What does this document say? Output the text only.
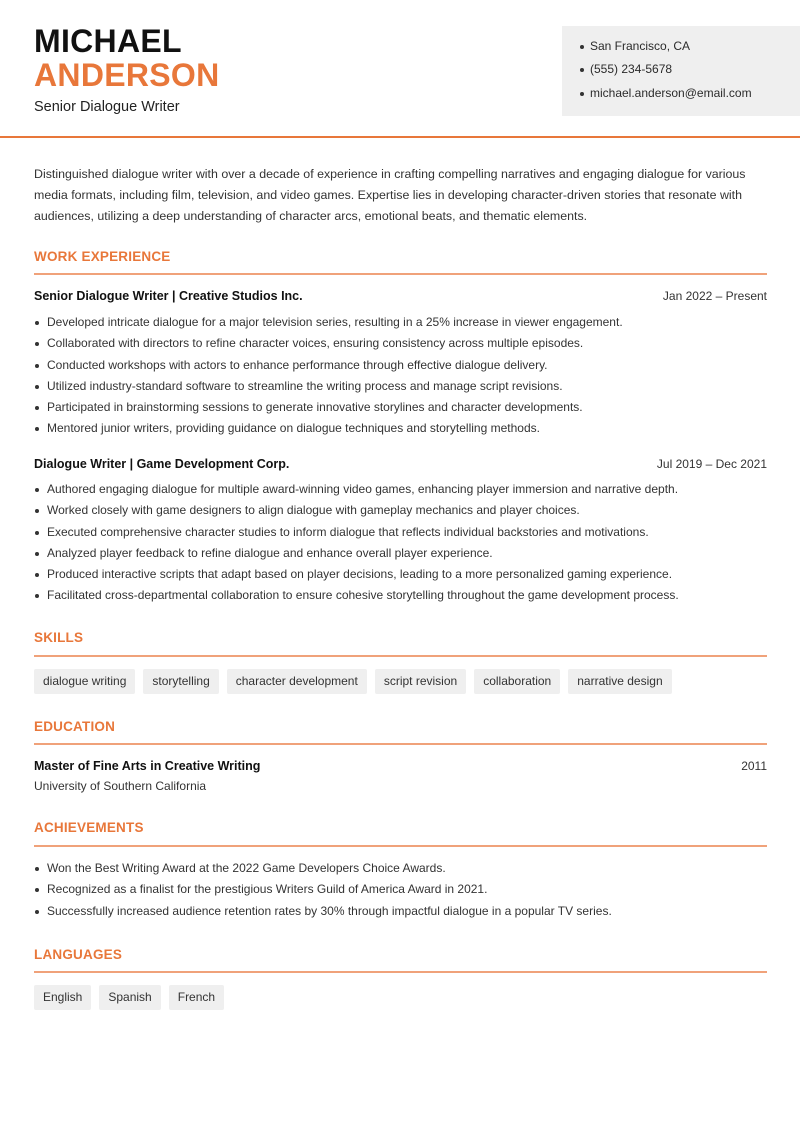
MICHAEL
ANDERSON
Senior Dialogue Writer
San Francisco, CA
(555) 234-5678
michael.anderson@email.com

Distinguished dialogue writer with over a decade of experience in crafting compelling narratives and engaging dialogue for various media formats, including film, television, and video games. Expertise lies in developing character-driven stories that resonate with audiences, utilizing a deep understanding of character arcs, emotional beats, and thematic elements.

WORK EXPERIENCE
Senior Dialogue Writer | Creative Studios Inc.	Jan 2022 – Present
Developed intricate dialogue for a major television series, resulting in a 25% increase in viewer engagement.
Collaborated with directors to refine character voices, ensuring consistency across multiple episodes.
Conducted workshops with actors to enhance performance through effective dialogue delivery.
Utilized industry-standard software to streamline the writing process and manage script revisions.
Participated in brainstorming sessions to generate innovative storylines and character developments.
Mentored junior writers, providing guidance on dialogue techniques and storytelling methods.
Dialogue Writer | Game Development Corp.	Jul 2019 – Dec 2021
Authored engaging dialogue for multiple award-winning video games, enhancing player immersion and narrative depth.
Worked closely with game designers to align dialogue with gameplay mechanics and player choices.
Executed comprehensive character studies to inform dialogue that reflects individual backstories and motivations.
Analyzed player feedback to refine dialogue and enhance overall player experience.
Produced interactive scripts that adapt based on player decisions, leading to a more personalized gaming experience.
Facilitated cross-departmental collaboration to ensure cohesive storytelling throughout the game development process.
SKILLS
dialogue writing	storytelling	character development	script revision	collaboration	narrative design
EDUCATION
Master of Fine Arts in Creative Writing	2011
University of Southern California
ACHIEVEMENTS
Won the Best Writing Award at the 2022 Game Developers Choice Awards.
Recognized as a finalist for the prestigious Writers Guild of America Award in 2021.
Successfully increased audience retention rates by 30% through impactful dialogue in a popular TV series.
LANGUAGES
English	Spanish	French
